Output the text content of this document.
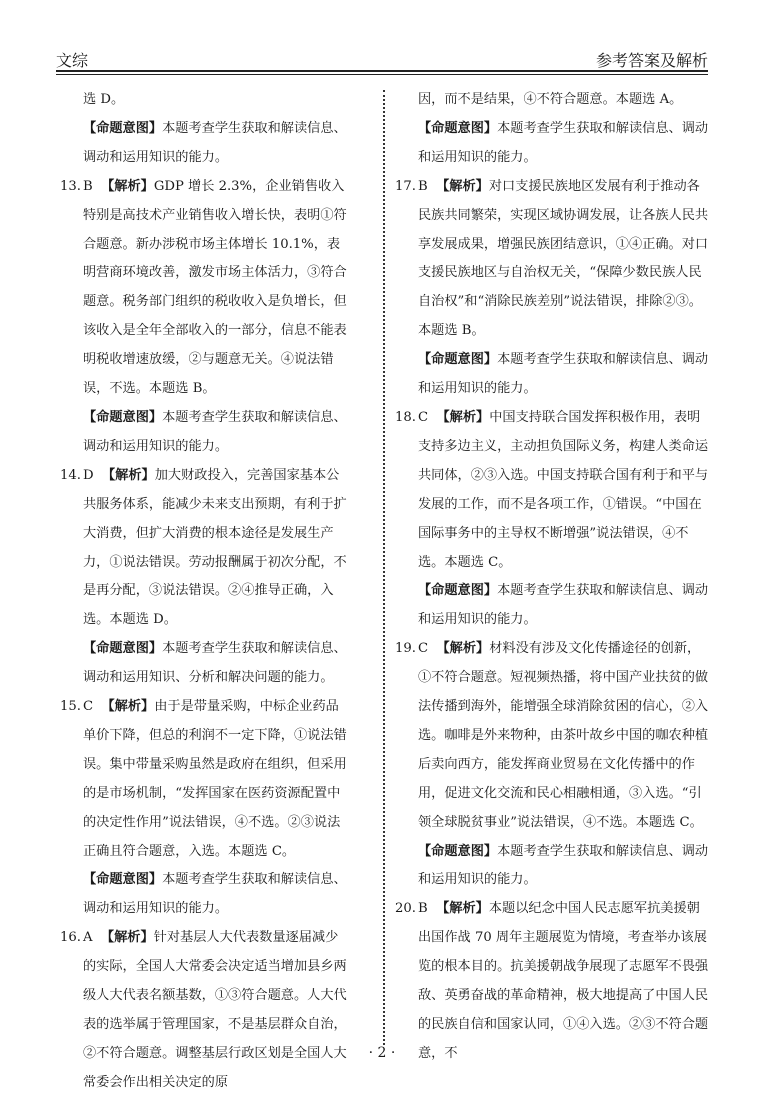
文综	参考答案及解析

选 D。

【命题意图】本题考查学生获取和解读信息、调动和运用知识的能力。

13. B 【解析】GDP 增长 2.3%，企业销售收入特别是高技术产业销售收入增长快，表明①符合题意。新办涉税市场主体增长 10.1%，表明营商环境改善，激发市场主体活力，③符合题意。税务部门组织的税收收入是负增长，但该收入是全年全部收入的一部分，信息不能表明税收增速放缓，②与题意无关。④说法错误，不选。本题选 B。

【命题意图】本题考查学生获取和解读信息、调动和运用知识的能力。

14. D 【解析】加大财政投入，完善国家基本公共服务体系，能减少未来支出预期，有利于扩大消费，但扩大消费的根本途径是发展生产力，①说法错误。劳动报酬属于初次分配，不是再分配，③说法错误。②④推导正确，入选。本题选 D。

【命题意图】本题考查学生获取和解读信息、调动和运用知识、分析和解决问题的能力。

15. C 【解析】由于是带量采购，中标企业药品单价下降，但总的利润不一定下降，①说法错误。集中带量采购虽然是政府在组织，但采用的是市场机制，“发挥国家在医药资源配置中的决定性作用”说法错误，④不选。②③说法正确且符合题意，入选。本题选 C。

【命题意图】本题考查学生获取和解读信息、调动和运用知识的能力。

16. A 【解析】针对基层人大代表数量逐届减少的实际，全国人大常委会决定适当增加县乡两级人大代表名额基数，①③符合题意。人大代表的选举属于管理国家，不是基层群众自治，②不符合题意。调整基层行政区划是全国人大常委会作出相关决定的原

因，而不是结果，④不符合题意。本题选 A。

【命题意图】本题考查学生获取和解读信息、调动和运用知识的能力。

17. B 【解析】对口支援民族地区发展有利于推动各民族共同繁荣，实现区域协调发展，让各族人民共享发展成果，增强民族团结意识，①④正确。对口支援民族地区与自治权无关，“保障少数民族人民自治权”和“消除民族差别”说法错误，排除②③。本题选 B。

【命题意图】本题考查学生获取和解读信息、调动和运用知识的能力。

18. C 【解析】中国支持联合国发挥积极作用，表明支持多边主义，主动担负国际义务，构建人类命运共同体，②③入选。中国支持联合国有利于和平与发展的工作，而不是各项工作，①错误。“中国在国际事务中的主导权不断增强”说法错误，④不选。本题选 C。

【命题意图】本题考查学生获取和解读信息、调动和运用知识的能力。

19. C 【解析】材料没有涉及文化传播途径的创新，①不符合题意。短视频热播，将中国产业扶贫的做法传播到海外，能增强全球消除贫困的信心，②入选。咖啡是外来物种，由茶叶故乡中国的咖农种植后卖向西方，能发挥商业贸易在文化传播中的作用，促进文化交流和民心相融相通，③入选。“引领全球脱贫事业”说法错误，④不选。本题选 C。

【命题意图】本题考查学生获取和解读信息、调动和运用知识的能力。

20. B 【解析】本题以纪念中国人民志愿军抗美援朝出国作战 70 周年主题展览为情境，考查举办该展览的根本目的。抗美援朝战争展现了志愿军不畏强敌、英勇奋战的革命精神，极大地提高了中国人民的民族自信和国家认同，①④入选。②③不符合题意，不
· 2 ·
